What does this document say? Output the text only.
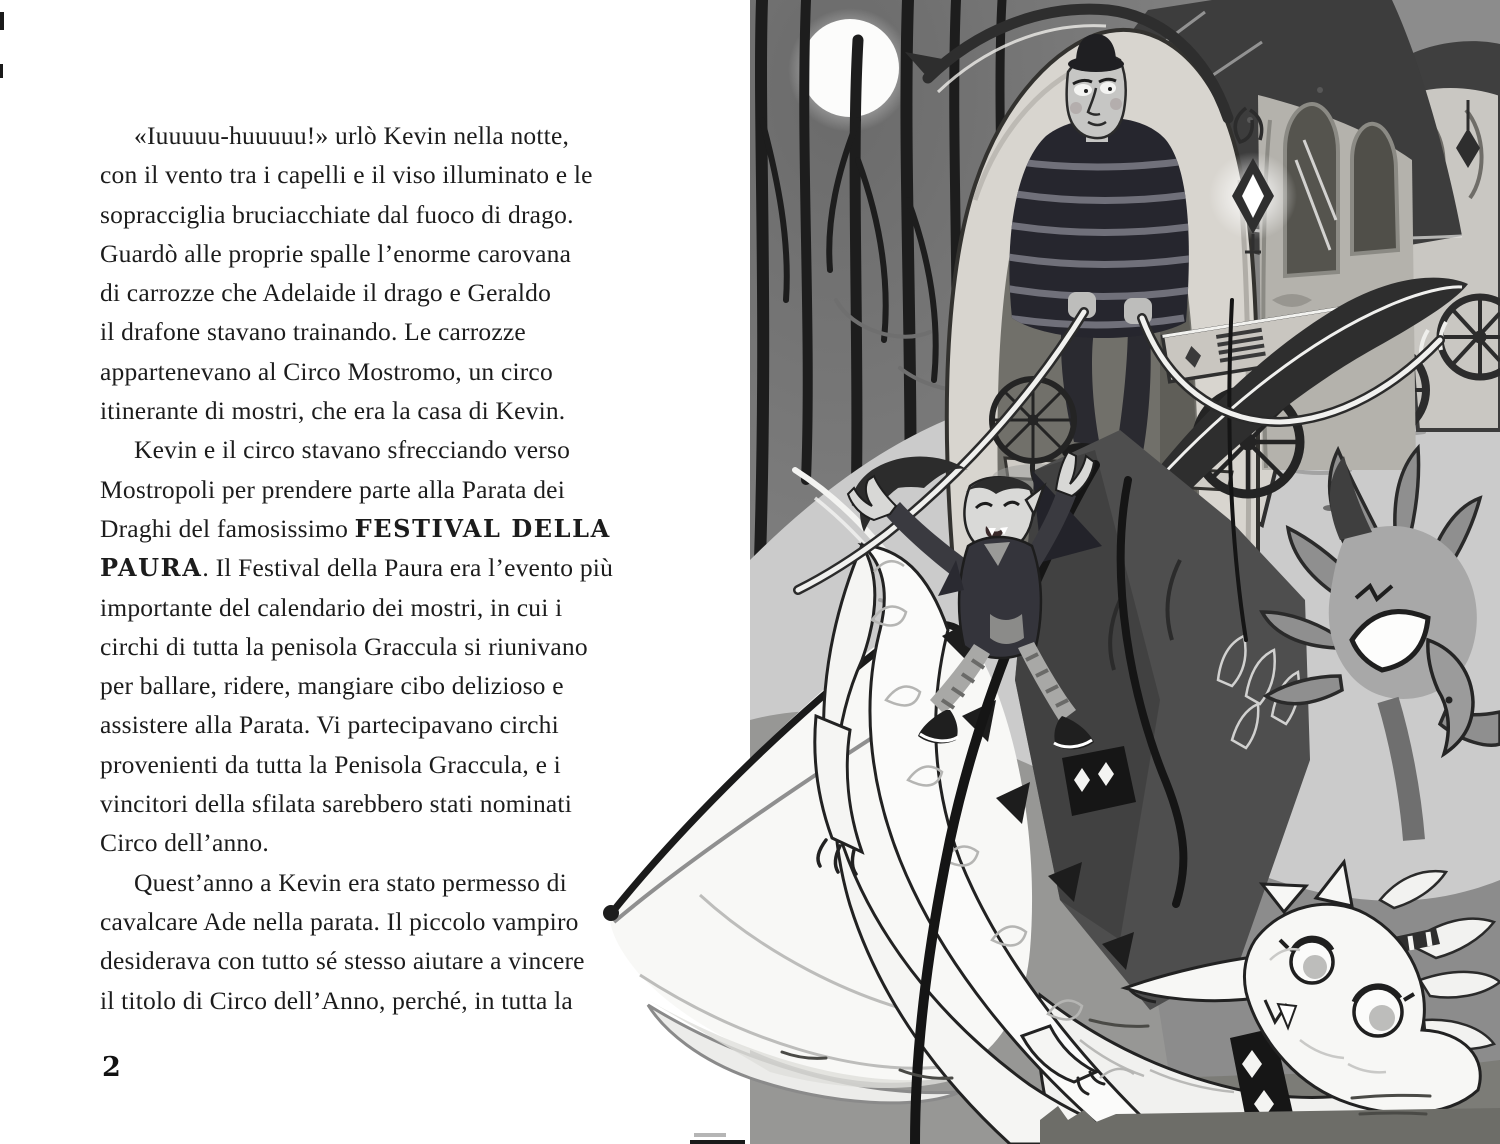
«Iuuuuu-huuuuu!» urlò Kevin nella notte,
con il vento tra i capelli e il viso illuminato e le
sopracciglia bruciacchiate dal fuoco di drago.
Guardò alle proprie spalle l’enorme carovana
di carrozze che Adelaide il drago e Geraldo
il drafone stavano trainando. Le carrozze
appartenevano al Circo Mostromo, un circo
itinerante di mostri, che era la casa di Kevin.
Kevin e il circo stavano sfrecciando verso
Mostropoli per prendere parte alla Parata dei
Draghi del famosissimo FESTIVAL DELLA
PAURA. Il Festival della Paura era l’evento più
importante del calendario dei mostri, in cui i
circhi di tutta la penisola Graccula si riunivano
per ballare, ridere, mangiare cibo delizioso e
assistere alla Parata. Vi partecipavano circhi
provenienti da tutta la Penisola Graccula, e i
vincitori della sfilata sarebbero stati nominati
Circo dell’anno.
Quest’anno a Kevin era stato permesso di
cavalcare Ade nella parata. Il piccolo vampiro
desiderava con tutto sé stesso aiutare a vincere
il titolo di Circo dell’Anno, perché, in tutta la
2
